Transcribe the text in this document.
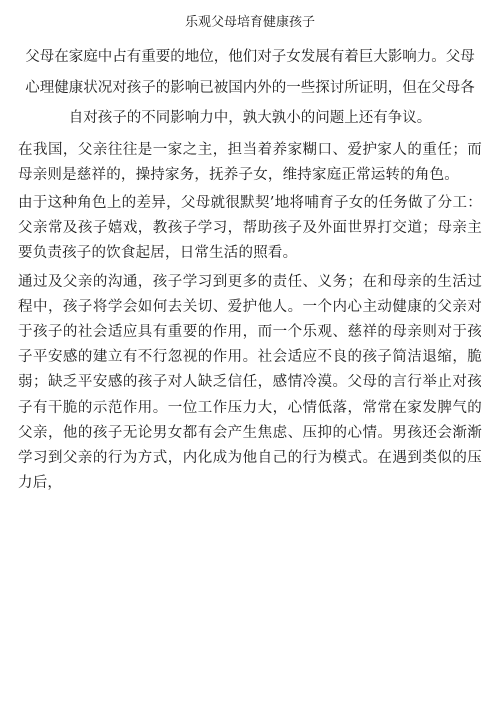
乐观父母培育健康孩子

父母在家庭中占有重要的地位，他们对子女发展有着巨大影响力。父母心理健康状况对孩子的影响已被国内外的一些探讨所证明，但在父母各自对孩子的不同影响力中，孰大孰小的问题上还有争议。

在我国，父亲往往是一家之主，担当着养家糊口、爱护家人的重任；而母亲则是慈祥的，操持家务，抚养子女，维持家庭正常运转的角色。

由于这种角色上的差异，父母就很默契’地将哺育子女的任务做了分工：父亲常及孩子嬉戏，教孩子学习，帮助孩子及外面世界打交道；母亲主要负责孩子的饮食起居，日常生活的照看。

通过及父亲的沟通，孩子学习到更多的责任、义务；在和母亲的生活过程中，孩子将学会如何去关切、爱护他人。一个内心主动健康的父亲对于孩子的社会适应具有重要的作用，而一个乐观、慈祥的母亲则对于孩子平安感的建立有不行忽视的作用。社会适应不良的孩子简洁退缩，脆弱；缺乏平安感的孩子对人缺乏信任，感情冷漠。父母的言行举止对孩子有干脆的示范作用。一位工作压力大，心情低落，常常在家发脾气的父亲，他的孩子无论男女都有会产生焦虑、压抑的心情。男孩还会渐渐学习到父亲的行为方式，内化成为他自己的行为模式。在遇到类似的压力后，
